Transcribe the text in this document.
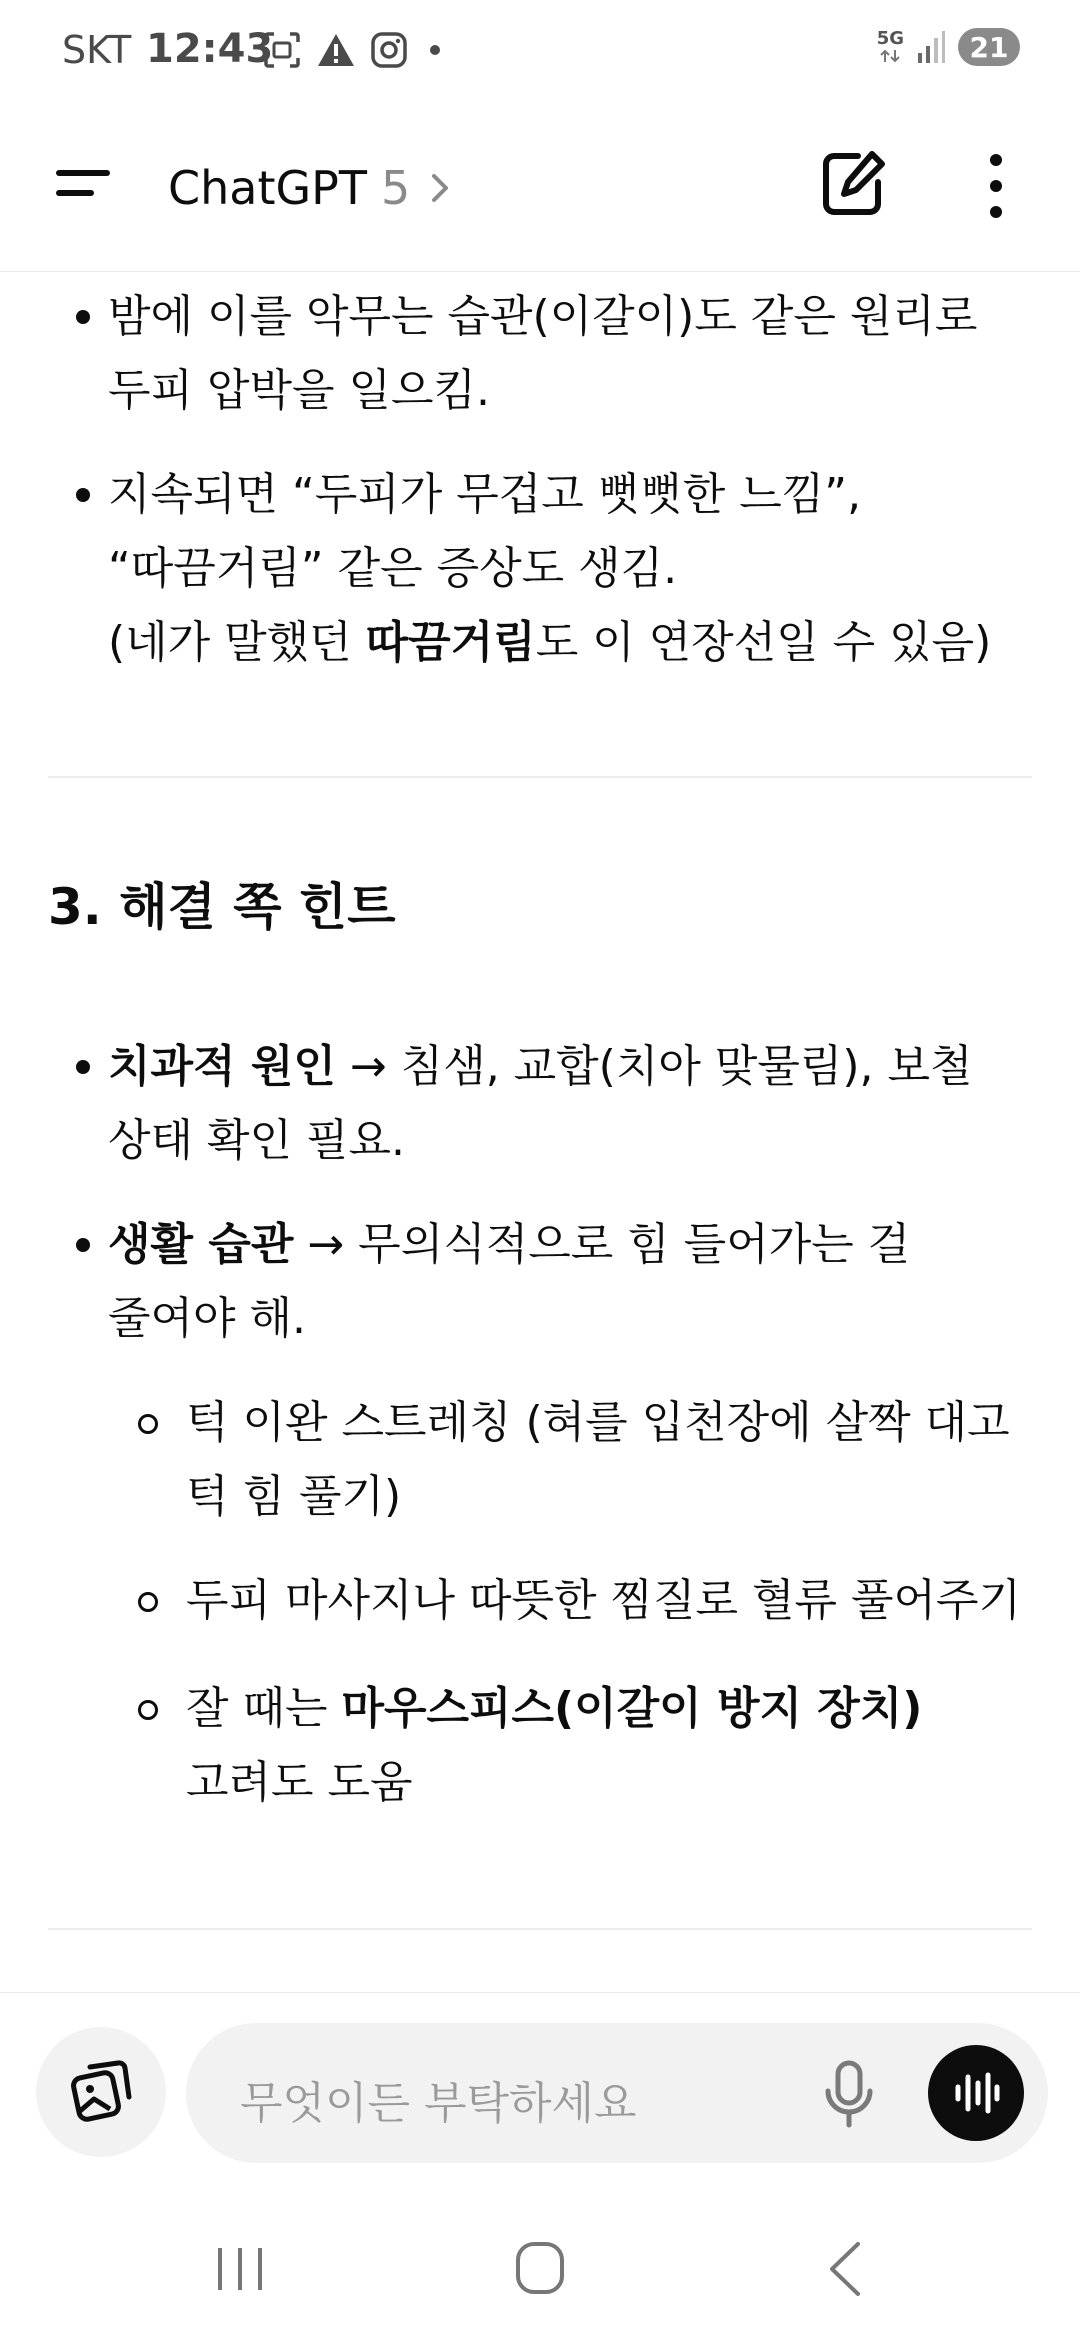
SKT 12:43	5G	21
ChatGPT 5
밤에 이를 악무는 습관(이갈이)도 같은 원리로
두피 압박을 일으킴.
지속되면 “두피가 무겁고 뻣뻣한 느낌”,
“따끔거림” 같은 증상도 생김.
(네가 말했던 따끔거림도 이 연장선일 수 있음)
3. 해결 쪽 힌트
치과적 원인 → 침샘, 교합(치아 맞물림), 보철
상태 확인 필요.
생활 습관 → 무의식적으로 힘 들어가는 걸
줄여야 해.
턱 이완 스트레칭 (혀를 입천장에 살짝 대고
턱 힘 풀기)
두피 마사지나 따뜻한 찜질로 혈류 풀어주기
잘 때는 마우스피스(이갈이 방지 장치)
고려도 도움
무엇이든 부탁하세요
